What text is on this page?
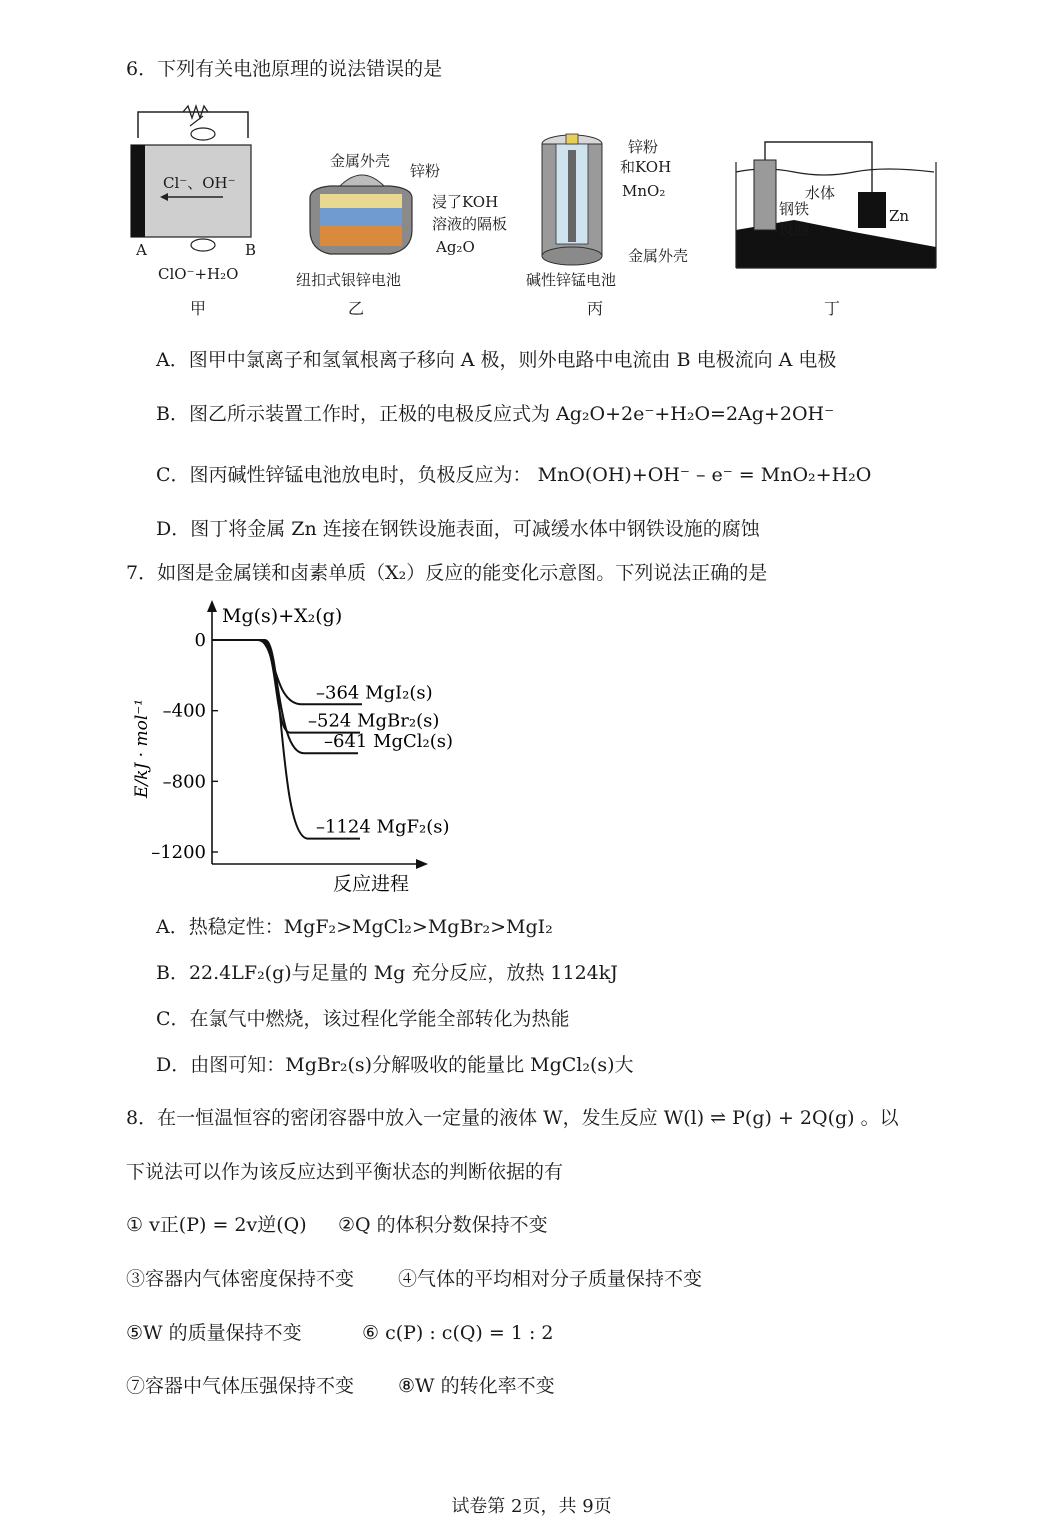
6．下列有关电池原理的说法错误的是
Cl⁻、OH⁻
A	B
ClO⁻+H₂O
甲
金属外壳
锌粉
浸了KOH
溶液的隔板
Ag₂O
纽扣式银锌电池
乙
锌粉
和KOH
MnO₂
金属外壳
碱性锌锰电池
丙
水体
钢铁
设施
Zn
丁
A．图甲中氯离子和氢氧根离子移向 A 极，则外电路中电流由 B 电极流向 A 电极
B．图乙所示装置工作时，正极的电极反应式为 Ag₂O+2e⁻+H₂O=2Ag+2OH⁻
C．图丙碱性锌锰电池放电时，负极反应为： MnO(OH)+OH⁻ – e⁻ = MnO₂+H₂O
D．图丁将金属 Zn 连接在钢铁设施表面，可减缓水体中钢铁设施的腐蚀
7．如图是金属镁和卤素单质（X₂）反应的能变化示意图。下列说法正确的是
Mg(s)+X₂(g)
反应进程
E/kJ · mol⁻¹
0
–400
–800
–1200
–364 MgI₂(s)
–524 MgBr₂(s)
–641 MgCl₂(s)
–1124 MgF₂(s)
A．热稳定性：MgF₂>MgCl₂>MgBr₂>MgI₂
B．22.4LF₂(g)与足量的 Mg 充分反应，放热 1124kJ
C．在氯气中燃烧，该过程化学能全部转化为热能
D．由图可知：MgBr₂(s)分解吸收的能量比 MgCl₂(s)大
8．在一恒温恒容的密闭容器中放入一定量的液体 W，发生反应 W(l) ⇌ P(g) + 2Q(g) 。以
下说法可以作为该反应达到平衡状态的判断依据的有
① v正(P) = 2v逆(Q) ②Q 的体积分数保持不变
③容器内气体密度保持不变 ④气体的平均相对分子质量保持不变
⑤W 的质量保持不变	⑥ c(P) : c(Q) = 1 : 2
⑦容器中气体压强保持不变 ⑧W 的转化率不变
试卷第 2页，共 9页
